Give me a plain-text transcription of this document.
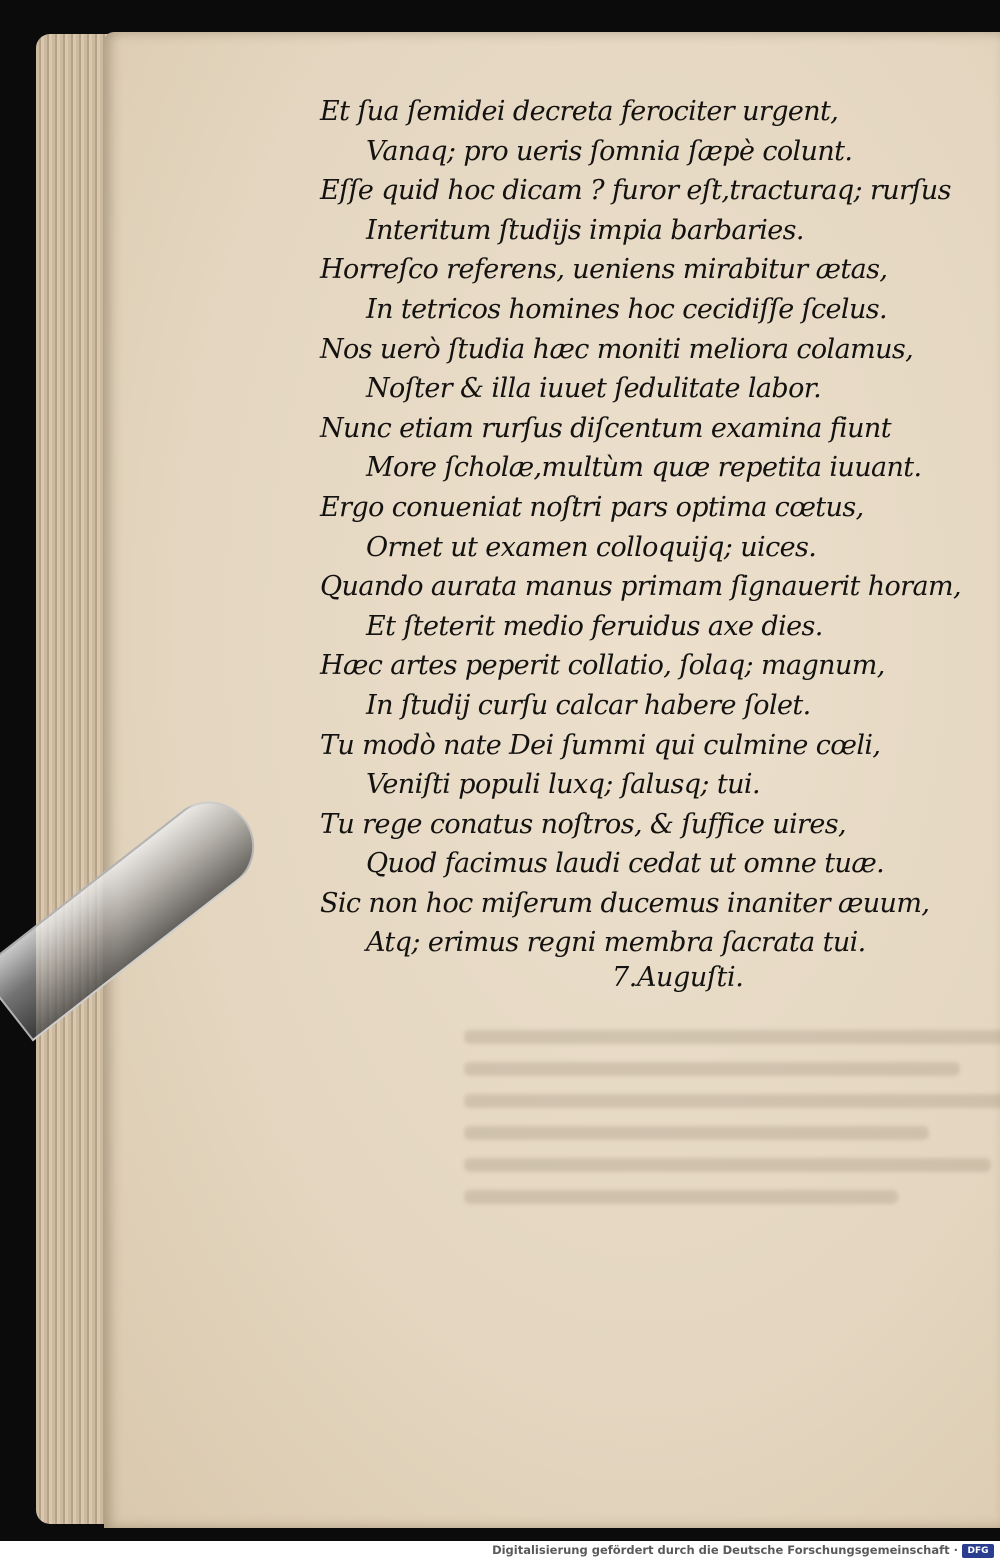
Et ſua ſemidei decreta ferociter urgent,
Vanaq; pro ueris ſomnia ſæpè colunt.
Eſſe quid hoc dicam ? furor eſt,tracturaq; rurſus
Interitum ſtudijs impia barbaries.
Horreſco referens, ueniens mirabitur ætas,
In tetricos homines hoc cecidiſſe ſcelus.
Nos uerò ſtudia hæc moniti meliora colamus,
Noſter & illa iuuet ſedulitate labor.
Nunc etiam rurſus diſcentum examina fiunt
More ſcholæ,multùm quæ repetita iuuant.
Ergo conueniat noſtri pars optima cœtus,
Ornet ut examen colloquijq; uices.
Quando aurata manus primam ſignauerit horam,
Et ſteterit medio feruidus axe dies.
Hæc artes peperit collatio, ſolaq; magnum,
In ſtudij curſu calcar habere ſolet.
Tu modò nate Dei ſummi qui culmine cœli,
Veniſti populi luxq; ſalusq; tui.
Tu rege conatus noſtros, & ſuffice uires,
Quod facimus laudi cedat ut omne tuæ.
Sic non hoc miſerum ducemus inaniter æuum,
Atq; erimus regni membra ſacrata tui.
7.Auguſti.
Digitalisierung gefördert durch die Deutsche Forschungsgemeinschaft ·	DFG
